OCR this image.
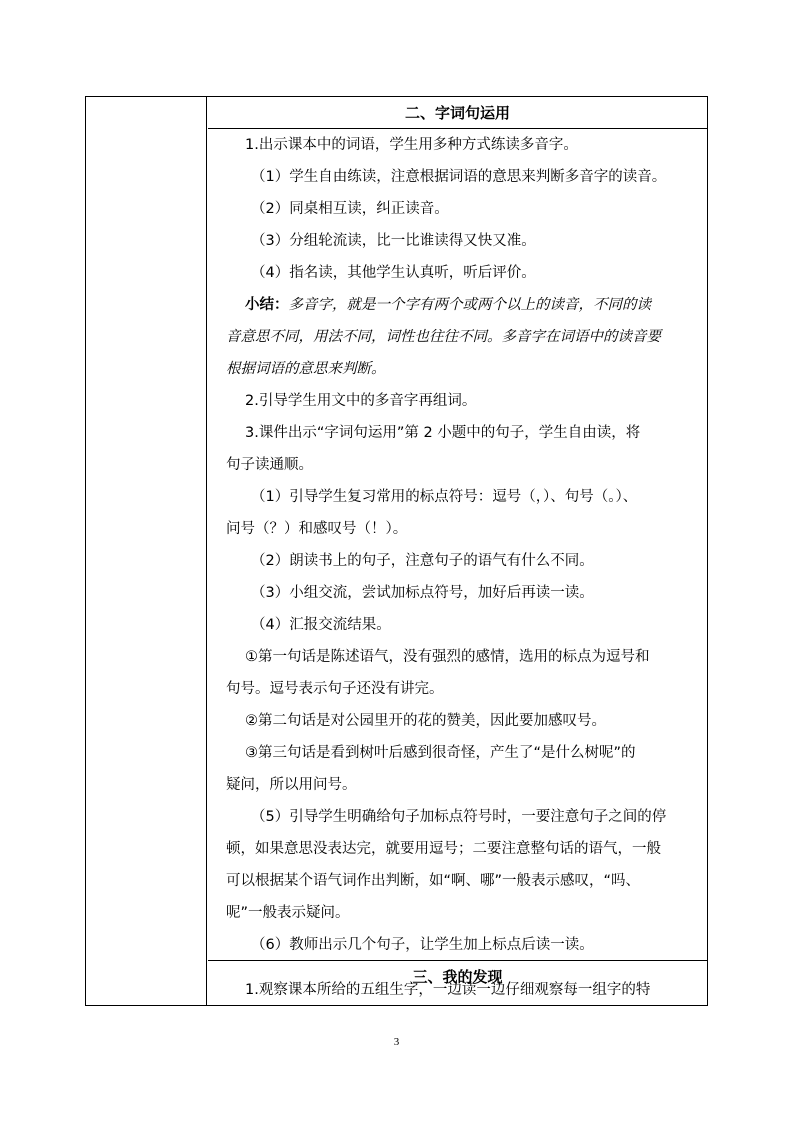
二、字词句运用
1.出示课本中的词语，学生用多种方式练读多音字。
（1）学生自由练读，注意根据词语的意思来判断多音字的读音。
（2）同桌相互读，纠正读音。
（3）分组轮流读，比一比谁读得又快又准。
（4）指名读，其他学生认真听，听后评价。
小结：多音字，就是一个字有两个或两个以上的读音，不同的读
音意思不同，用法不同，词性也往往不同。多音字在词语中的读音要
根据词语的意思来判断。
2.引导学生用文中的多音字再组词。
3.课件出示“字词句运用”第 2 小题中的句子，学生自由读，将
句子读通顺。
（1）引导学生复习常用的标点符号：逗号（，）、句号（。）、
问号（？）和感叹号（！）。
（2）朗读书上的句子，注意句子的语气有什么不同。
（3）小组交流，尝试加标点符号，加好后再读一读。
（4）汇报交流结果。
①第一句话是陈述语气，没有强烈的感情，选用的标点为逗号和
句号。逗号表示句子还没有讲完。
②第二句话是对公园里开的花的赞美，因此要加感叹号。
③第三句话是看到树叶后感到很奇怪，产生了“是什么树呢”的
疑问，所以用问号。
（5）引导学生明确给句子加标点符号时，一要注意句子之间的停
顿，如果意思没表达完，就要用逗号；二要注意整句话的语气，一般
可以根据某个语气词作出判断，如“啊、哪”一般表示感叹，“吗、
呢”一般表示疑问。
（6）教师出示几个句子，让学生加上标点后读一读。
三、我的发现
1.观察课本所给的五组生字，一边读一边仔细观察每一组字的特
3
